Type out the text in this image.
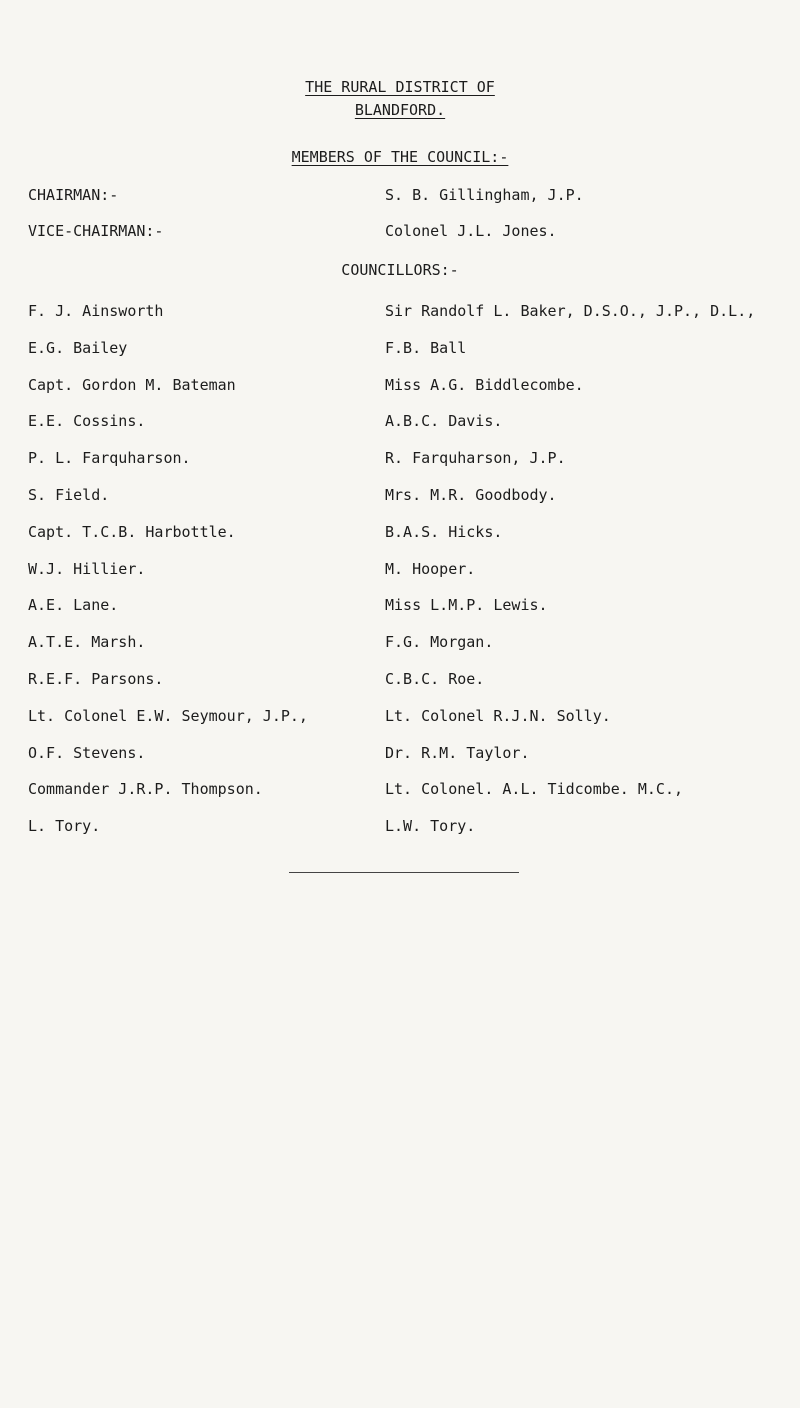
THE RURAL DISTRICT OF
BLANDFORD.
MEMBERS OF THE COUNCIL:-
CHAIRMAN:-	S. B. Gillingham, J.P.
VICE-CHAIRMAN:-	Colonel J.L. Jones.
COUNCILLORS:-
F. J. Ainsworth
E.G. Bailey
Capt. Gordon M. Bateman
E.E. Cossins.
P. L. Farquharson.
S. Field.
Capt. T.C.B. Harbottle.
W.J. Hillier.
A.E. Lane.
A.T.E. Marsh.
R.E.F. Parsons.
Lt. Colonel E.W. Seymour, J.P.,
O.F. Stevens.
Commander J.R.P. Thompson.
L. Tory.
Sir Randolf L. Baker, D.S.O., J.P., D.L.,
F.B. Ball
Miss A.G. Biddlecombe.
A.B.C. Davis.
R. Farquharson, J.P.
Mrs. M.R. Goodbody.
B.A.S. Hicks.
M. Hooper.
Miss L.M.P. Lewis.
F.G. Morgan.
C.B.C. Roe.
Lt. Colonel R.J.N. Solly.
Dr. R.M. Taylor.
Lt. Colonel. A.L. Tidcombe. M.C.,
L.W. Tory.
